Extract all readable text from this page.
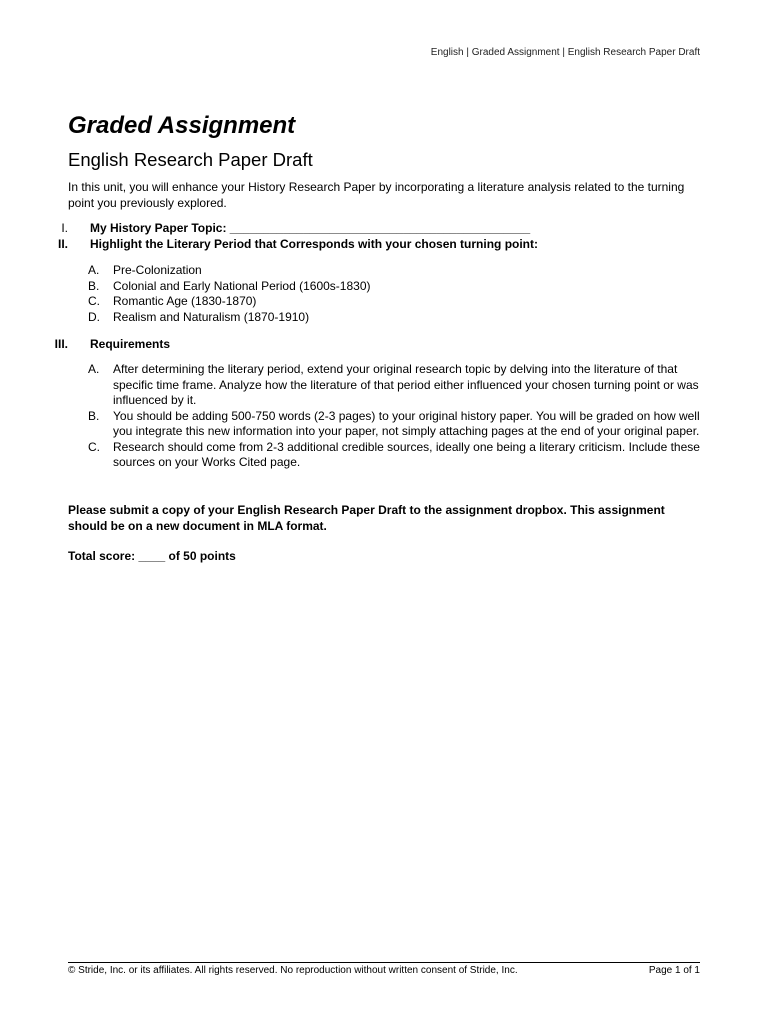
English | Graded Assignment | English Research Paper Draft
Graded Assignment
English Research Paper Draft

In this unit, you will enhance your History Research Paper by incorporating a literature analysis related to the turning point you previously explored.

I. My History Paper Topic: _____________________________________________
II. Highlight the Literary Period that Corresponds with your chosen turning point:
A. Pre-Colonization
B. Colonial and Early National Period (1600s-1830)
C. Romantic Age (1830-1870)
D. Realism and Naturalism (1870-1910)
III. Requirements
A. After determining the literary period, extend your original research topic by delving into the literature of that specific time frame. Analyze how the literature of that period either influenced your chosen turning point or was influenced by it.
B. You should be adding 500-750 words (2-3 pages) to your original history paper. You will be graded on how well you integrate this new information into your paper, not simply attaching pages at the end of your original paper.
C. Research should come from 2-3 additional credible sources, ideally one being a literary criticism. Include these sources on your Works Cited page.

Please submit a copy of your English Research Paper Draft to the assignment dropbox. This assignment should be on a new document in MLA format.

Total score: ____ of 50 points

© Stride, Inc. or its affiliates. All rights reserved. No reproduction without written consent of Stride, Inc.	Page 1 of 1
